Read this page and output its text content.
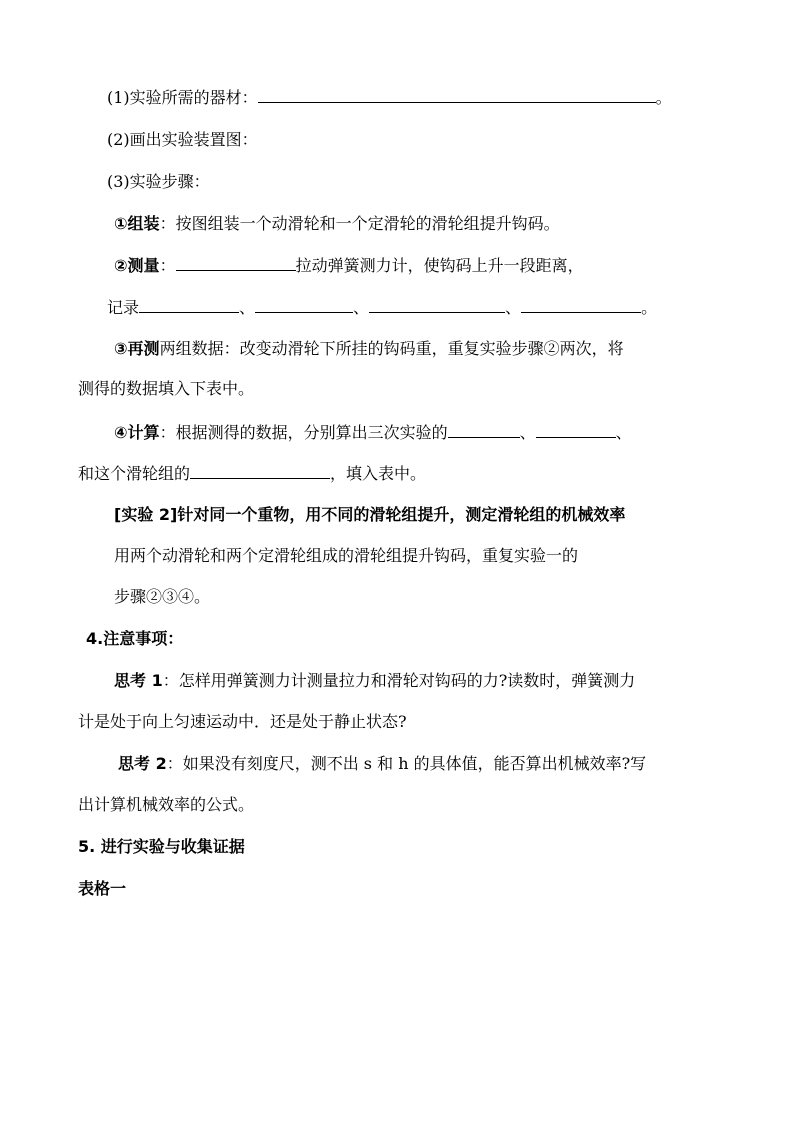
(1)实验所需的器材：	。
(2)画出实验装置图：
(3)实验步骤：
①组装：按图组装一个动滑轮和一个定滑轮的滑轮组提升钩码。
②测量：	拉动弹簧测力计，使钩码上升一段距离，
记录	、	、	、	。
③再测两组数据：改变动滑轮下所挂的钩码重，重复实验步骤②两次，将
测得的数据填入下表中。
④计算：根据测得的数据，分别算出三次实验的	、	、
和这个滑轮组的	，填入表中。
[实验 2]针对同一个重物，用不同的滑轮组提升，测定滑轮组的机械效率
用两个动滑轮和两个定滑轮组成的滑轮组提升钩码，重复实验一的
步骤②③④。
4.注意事项：
思考 1：怎样用弹簧测力计测量拉力和滑轮对钩码的力?读数时，弹簧测力
计是处于向上匀速运动中．还是处于静止状态?
思考 2：如果没有刻度尺，测不出 s 和 h 的具体值，能否算出机械效率?写
出计算机械效率的公式。
5. 进行实验与收集证据
表格一
